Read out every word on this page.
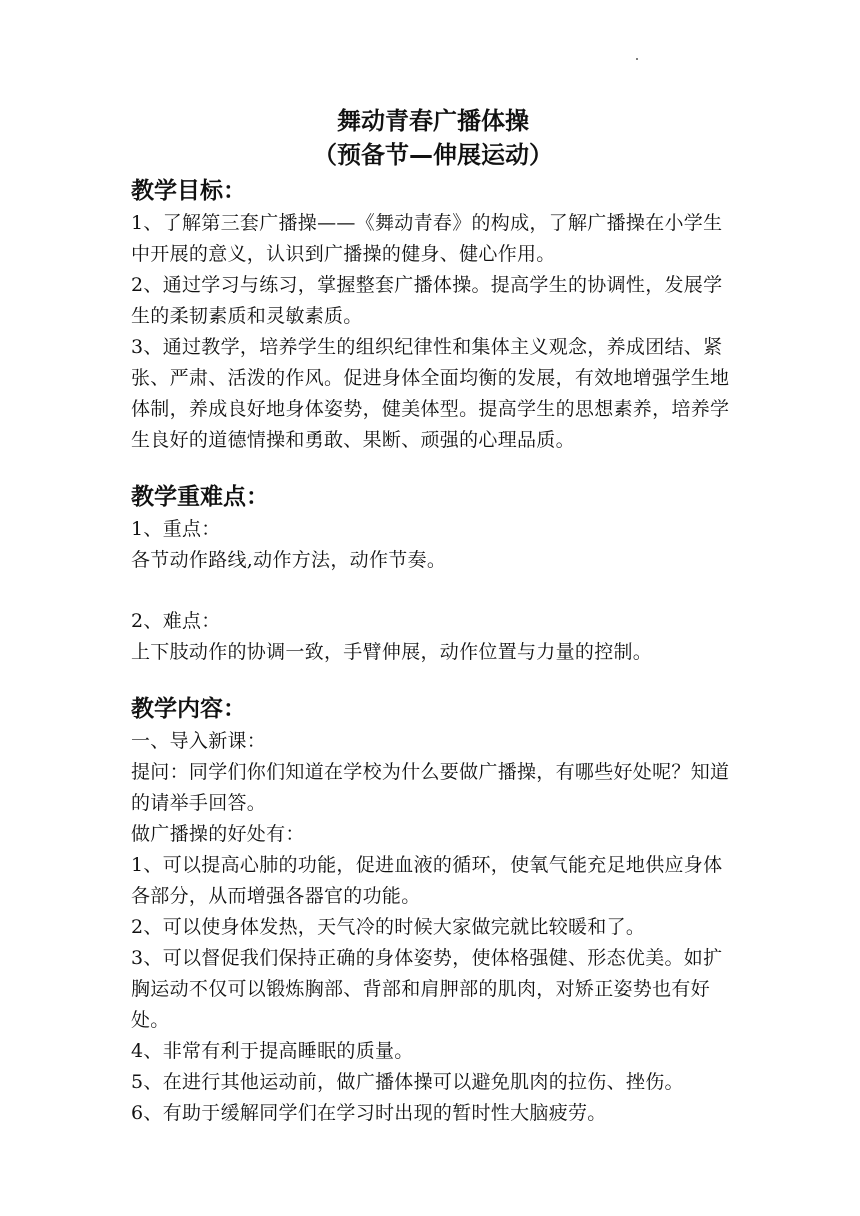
舞动青春广播体操
（预备节—伸展运动）
教学目标：

1、了解第三套广播操——《舞动青春》的构成，了解广播操在小学生中开展的意义，认识到广播操的健身、健心作用。

2、通过学习与练习，掌握整套广播体操。提高学生的协调性，发展学生的柔韧素质和灵敏素质。

3、通过教学，培养学生的组织纪律性和集体主义观念，养成团结、紧张、严肃、活泼的作风。促进身体全面均衡的发展，有效地增强学生地体制，养成良好地身体姿势，健美体型。提高学生的思想素养，培养学生良好的道德情操和勇敢、果断、顽强的心理品质。

教学重难点：

1、重点：

各节动作路线,动作方法，动作节奏。

2、难点：

上下肢动作的协调一致，手臂伸展，动作位置与力量的控制。

教学内容：

一、导入新课：

提问：同学们你们知道在学校为什么要做广播操，有哪些好处呢？知道的请举手回答。

做广播操的好处有：

1、可以提高心肺的功能，促进血液的循环，使氧气能充足地供应身体各部分，从而增强各器官的功能。

2、可以使身体发热，天气冷的时候大家做完就比较暖和了。

3、可以督促我们保持正确的身体姿势，使体格强健、形态优美。如扩胸运动不仅可以锻炼胸部、背部和肩胛部的肌肉，对矫正姿势也有好处。

4、非常有利于提高睡眠的质量。

5、在进行其他运动前，做广播体操可以避免肌肉的拉伤、挫伤。

6、有助于缓解同学们在学习时出现的暂时性大脑疲劳。
